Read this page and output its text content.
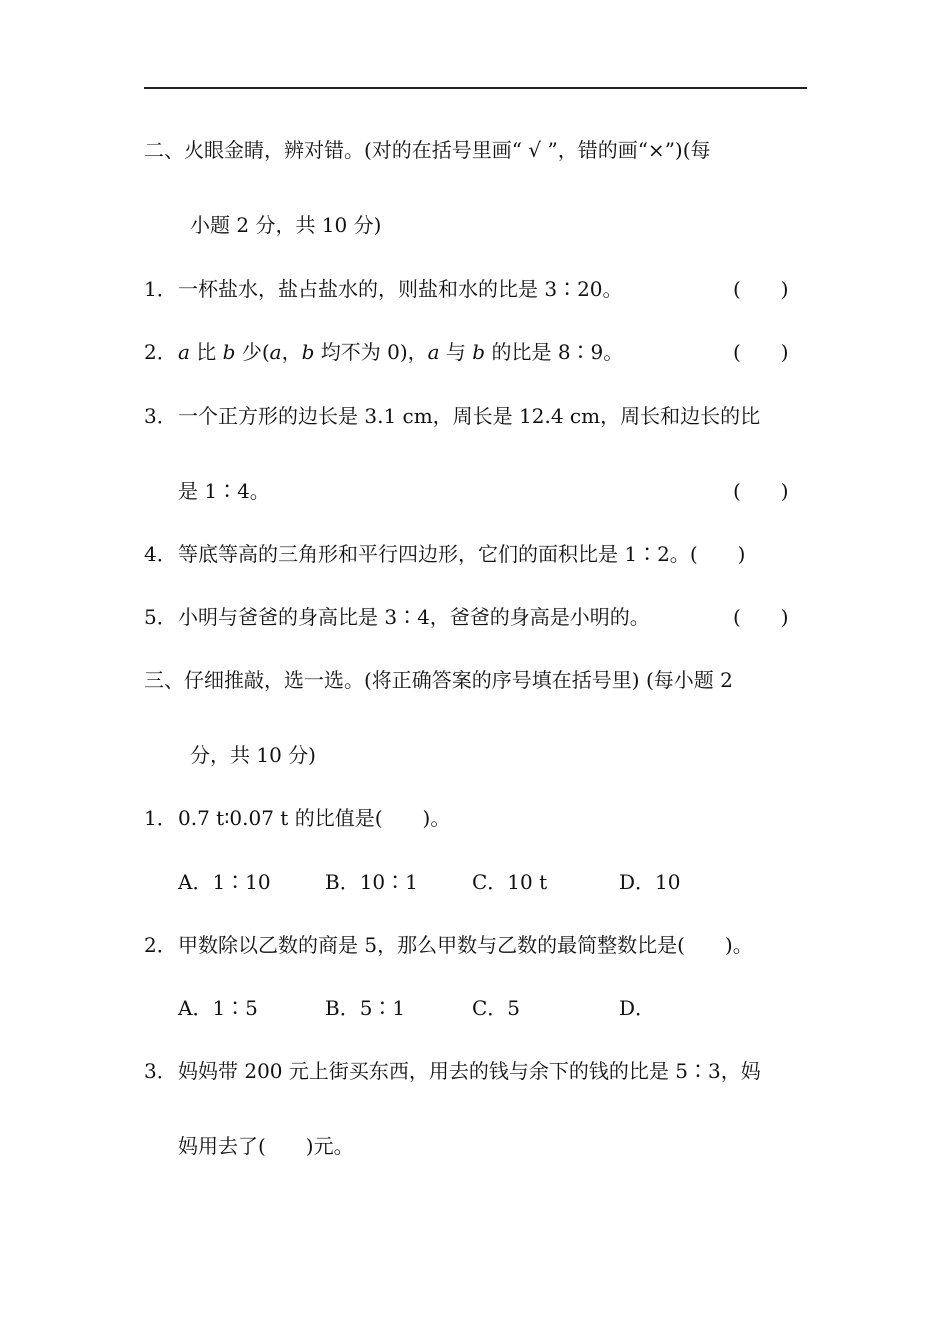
二、火眼金睛，辨对错。(对的在括号里画“ √ ”，错的画“×”)(每
小题 2 分，共 10 分)
1．一杯盐水，盐占盐水的，则盐和水的比是 3∶20。	(　　)
2．a 比 b 少(a，b 均不为 0)，a 与 b 的比是 8∶9。	(　　)
3．一个正方形的边长是 3.1 cm，周长是 12.4 cm，周长和边长的比
是 1∶4。	(　　)
4．等底等高的三角形和平行四边形，它们的面积比是 1∶2。(　　)
5．小明与爸爸的身高比是 3∶4，爸爸的身高是小明的。	(　　)
三、仔细推敲，选一选。(将正确答案的序号填在括号里) (每小题 2
分，共 10 分)
1．0.7 t∶0.07 t 的比值是(　　)。
A．1∶10	B．10∶1	C．10 t	D．10
2．甲数除以乙数的商是 5，那么甲数与乙数的最简整数比是(　　)。
A．1∶5	B．5∶1	C．5	D．
3．妈妈带 200 元上街买东西，用去的钱与余下的钱的比是 5∶3，妈
妈用去了(　　)元。
